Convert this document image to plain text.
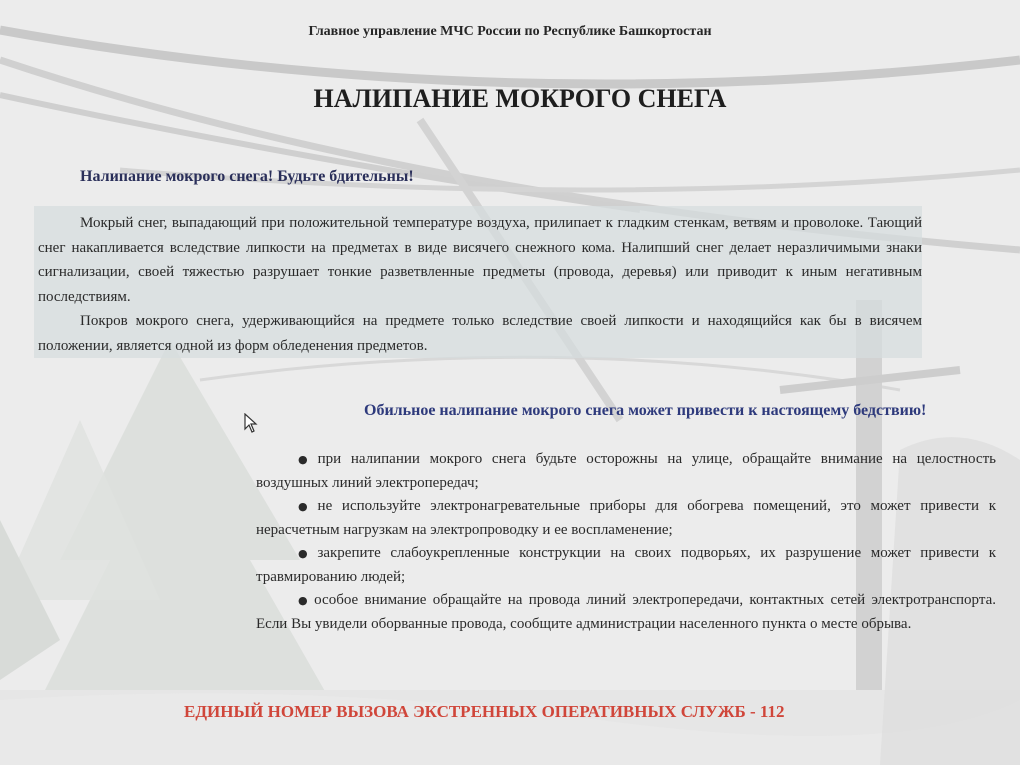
Главное управление МЧС России по Республике Башкортостан
НАЛИПАНИЕ МОКРОГО СНЕГА
Налипание мокрого снега! Будьте бдительны!

Мокрый снег, выпадающий при положительной температуре воздуха, прилипает к гладким стенкам, ветвям и проволоке. Тающий снег накапливается вследствие липкости на предметах в виде висячего снежного кома. Налипший снег делает неразличимыми знаки сигнализации, своей тяжестью разрушает тонкие разветвленные предметы (провода, деревья) или приводит к иным негативным последствиям.

Покров мокрого снега, удерживающийся на предмете только вследствие своей липкости и находящийся как бы в висячем положении, является одной из форм обледенения предметов.

Обильное налипание мокрого снега может привести к настоящему бедствию!
● при налипании мокрого снега будьте осторожны на улице, обращайте внимание на целостность воздушных линий электропередач;
● не используйте электронагревательные приборы для обогрева помещений, это может привести к нерасчетным нагрузкам на электропроводку и ее воспламенение;
● закрепите слабоукрепленные конструкции на своих подворьях, их разрушение может привести к травмированию людей;
● особое внимание обращайте на провода линий электропередачи, контактных сетей электротранспорта. Если Вы увидели оборванные провода, сообщите администрации населенного пункта о месте обрыва.
ЕДИНЫЙ НОМЕР ВЫЗОВА ЭКСТРЕННЫХ ОПЕРАТИВНЫХ СЛУЖБ - 112
